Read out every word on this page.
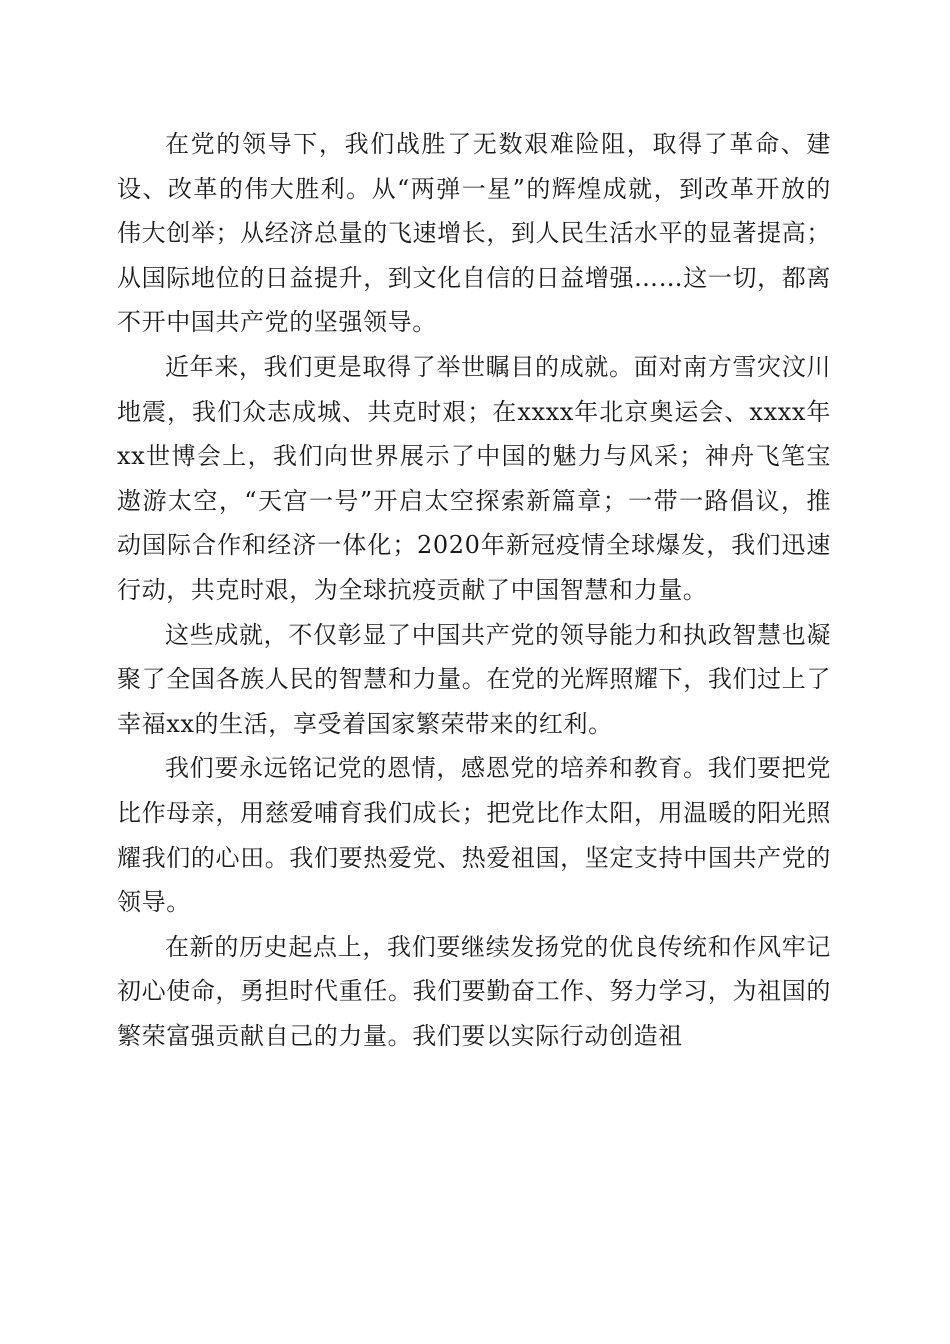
在党的领导下，我们战胜了无数艰难险阻，取得了革命、建设、改革的伟大胜利。从“两弹一星”的辉煌成就，到改革开放的伟大创举；从经济总量的飞速增长，到人民生活水平的显著提高；从国际地位的日益提升，到文化自信的日益增强……这一切，都离不开中国共产党的坚强领导。

近年来，我们更是取得了举世瞩目的成就。面对南方雪灾汶川地震，我们众志成城、共克时艰；在xxxx年北京奥运会、xxxx年xx世博会上，我们向世界展示了中国的魅力与风采；神舟飞笔宝遨游太空，“天宫一号”开启太空探索新篇章；一带一路倡议，推动国际合作和经济一体化；2020年新冠疫情全球爆发，我们迅速行动，共克时艰，为全球抗疫贡献了中国智慧和力量。

这些成就，不仅彰显了中国共产党的领导能力和执政智慧也凝聚了全国各族人民的智慧和力量。在党的光辉照耀下，我们过上了幸福xx的生活，享受着国家繁荣带来的红利。

我们要永远铭记党的恩情，感恩党的培养和教育。我们要把党比作母亲，用慈爱哺育我们成长；把党比作太阳，用温暖的阳光照耀我们的心田。我们要热爱党、热爱祖国，坚定支持中国共产党的领导。

在新的历史起点上，我们要继续发扬党的优良传统和作风牢记初心使命，勇担时代重任。我们要勤奋工作、努力学习，为祖国的繁荣富强贡献自己的力量。我们要以实际行动创造祖
